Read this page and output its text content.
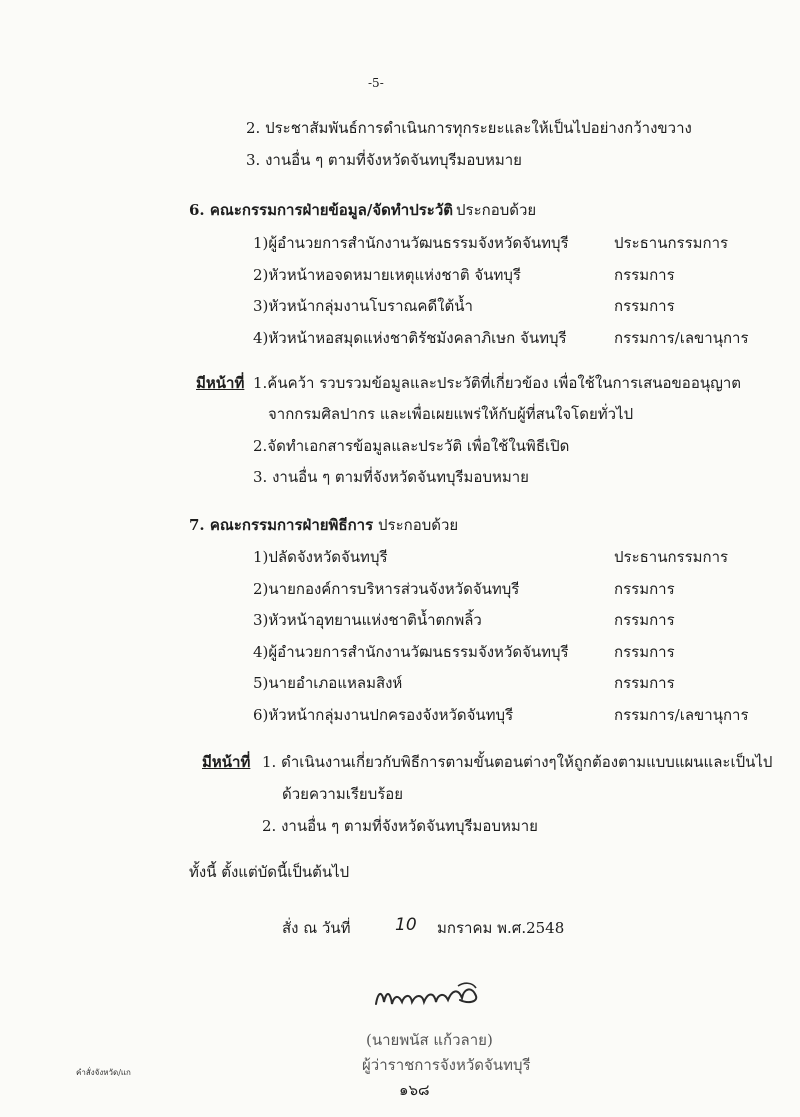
-5-
2. ประชาสัมพันธ์การดำเนินการทุกระยะและให้เป็นไปอย่างกว้างขวาง
3. งานอื่น ๆ ตามที่จังหวัดจันทบุรีมอบหมาย
6. คณะกรรมการฝ่ายข้อมูล/จัดทำประวัติ ประกอบด้วย
1)ผู้อำนวยการสำนักงานวัฒนธรรมจังหวัดจันทบุรี	ประธานกรรมการ
2)หัวหน้าหอจดหมายเหตุแห่งชาติ จันทบุรี	กรรมการ
3)หัวหน้ากลุ่มงานโบราณคดีใต้น้ำ	กรรมการ
4)หัวหน้าหอสมุดแห่งชาติรัชมังคลาภิเษก จันทบุรี	กรรมการ/เลขานุการ
มีหน้าที่ 1.ค้นคว้า รวบรวมข้อมูลและประวัติที่เกี่ยวข้อง เพื่อใช้ในการเสนอขออนุญาต
จากกรมศิลปากร และเพื่อเผยแพร่ให้กับผู้ที่สนใจโดยทั่วไป
2.จัดทำเอกสารข้อมูลและประวัติ เพื่อใช้ในพิธีเปิด
3. งานอื่น ๆ ตามที่จังหวัดจันทบุรีมอบหมาย
7. คณะกรรมการฝ่ายพิธีการ ประกอบด้วย
1)ปลัดจังหวัดจันทบุรี	ประธานกรรมการ
2)นายกองค์การบริหารส่วนจังหวัดจันทบุรี	กรรมการ
3)หัวหน้าอุทยานแห่งชาติน้ำตกพลิ้ว	กรรมการ
4)ผู้อำนวยการสำนักงานวัฒนธรรมจังหวัดจันทบุรี	กรรมการ
5)นายอำเภอแหลมสิงห์	กรรมการ
6)หัวหน้ากลุ่มงานปกครองจังหวัดจันทบุรี	กรรมการ/เลขานุการ
มีหน้าที่ 1. ดำเนินงานเกี่ยวกับพิธีการตามขั้นตอนต่างๆให้ถูกต้องตามแบบแผนและเป็นไป
ด้วยความเรียบร้อย
2. งานอื่น ๆ ตามที่จังหวัดจันทบุรีมอบหมาย
ทั้งนี้ ตั้งแต่บัดนี้เป็นต้นไป
สั่ง ณ วันที่	10 มกราคม พ.ศ.2548
(นายพนัส แก้วลาย)
ผู้ว่าราชการจังหวัดจันทบุรี
คำสั่งจังหวัด/แก
๑๖๘
